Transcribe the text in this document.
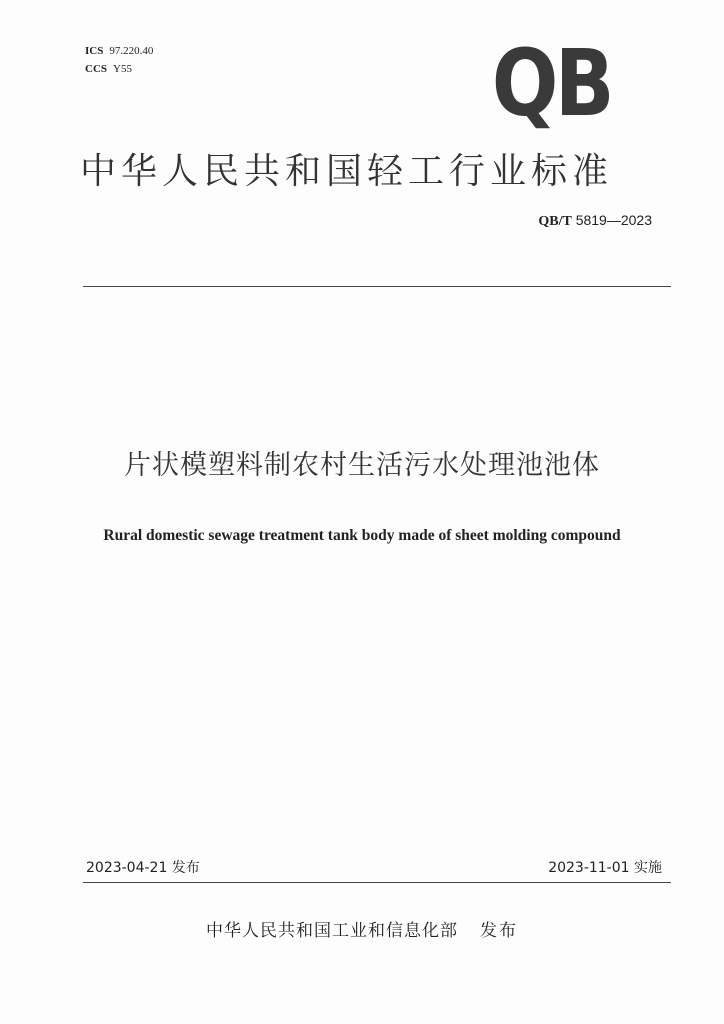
ICS 97.220.40
CCS Y55	QB
中华人民共和国轻工行业标准
QB/T 5819—2023
片状模塑料制农村生活污水处理池池体
Rural domestic sewage treatment tank body made of sheet molding compound
2023-04-21 发布	2023-11-01 实施
中华人民共和国工业和信息化部 发布
